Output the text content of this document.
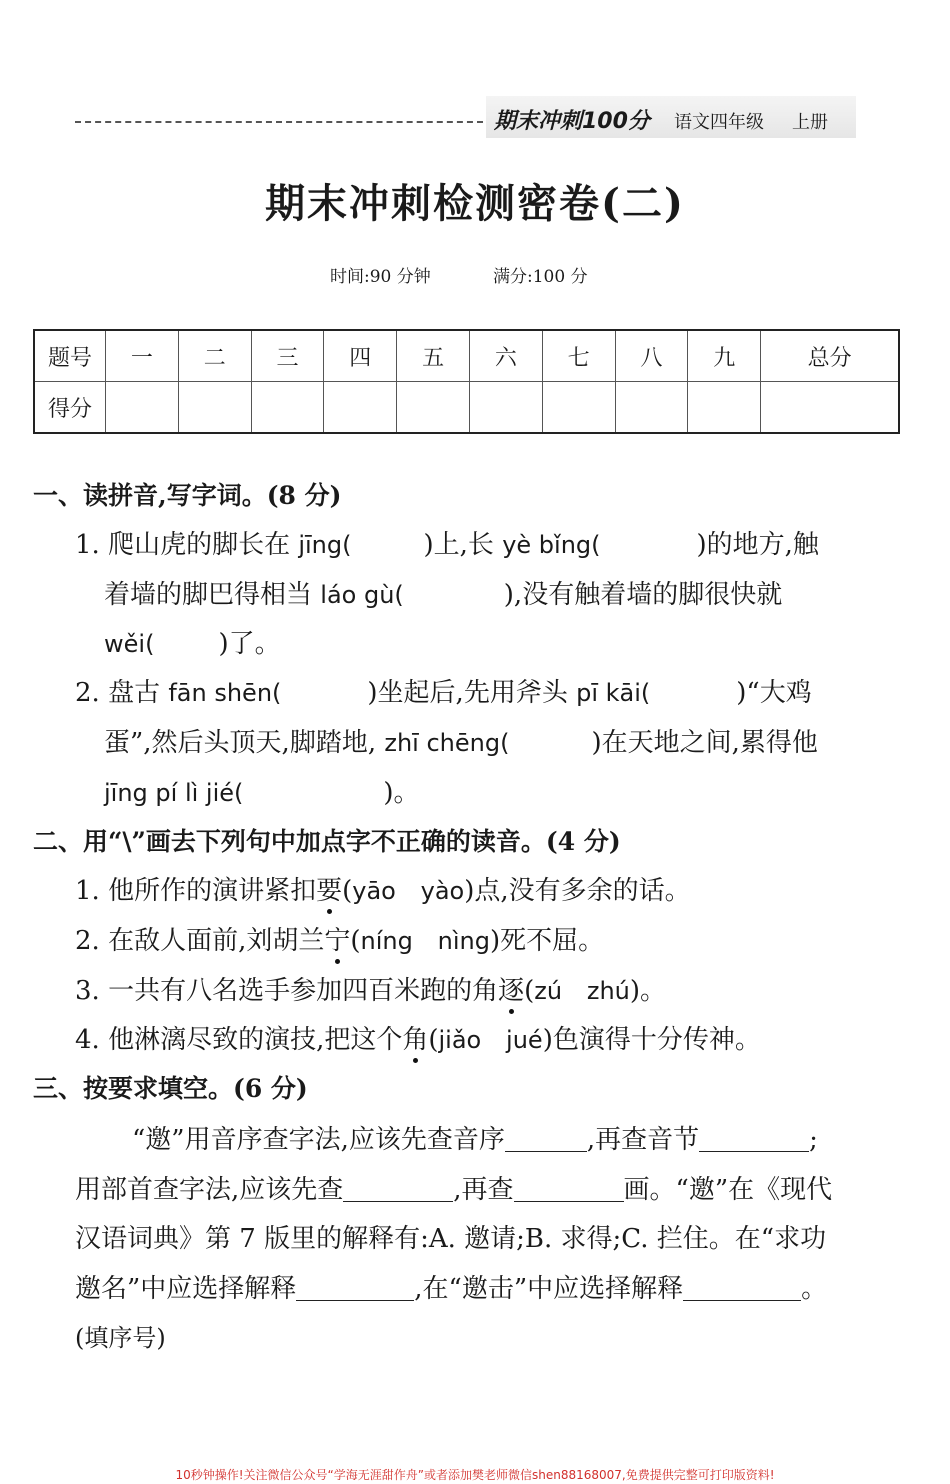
期末冲刺100分 语文四年级 上册
期末冲刺检测密卷(二)
时间:90 分钟	满分:100 分
题号	一	二	三	四	五	六	七	八	九	总分
得分										
一、读拼音,写字词。(8 分)
1. 爬山虎的脚长在 jīng(	)上,长 yè bǐng(	)的地方,触
着墙的脚巴得相当 láo gù(	),没有触着墙的脚很快就
wěi( )了。
2. 盘古 fān shēn(	)坐起后,先用斧头 pī kāi(	)“大鸡
蛋”,然后头顶天,脚踏地, zhī chēng(	)在天地之间,累得他
jīng pí lì jié(	)。
二、用“\”画去下列句中加点字不正确的读音。(4 分)
1. 他所作的演讲紧扣要(yāo yào)点,没有多余的话。
2. 在敌人面前,刘胡兰宁(níng nìng)死不屈。
3. 一共有八名选手参加四百米跑的角逐(zú zhú)。
4. 他淋漓尽致的演技,把这个角(jiǎo jué)色演得十分传神。
三、按要求填空。(6 分)
“邀”用音序查字法,应该先查音序	,再查音节	;
用部首查字法,应该先查	,再查	画。“邀”在《现代
汉语词典》第 7 版里的解释有:A. 邀请;B. 求得;C. 拦住。在“求功
邀名”中应选择解释	,在“邀击”中应选择解释	。
(填序号)
10秒钟操作!关注微信公众号“学海无涯甜作舟”或者添加樊老师微信shen88168007,免费提供完整可打印版资料!
